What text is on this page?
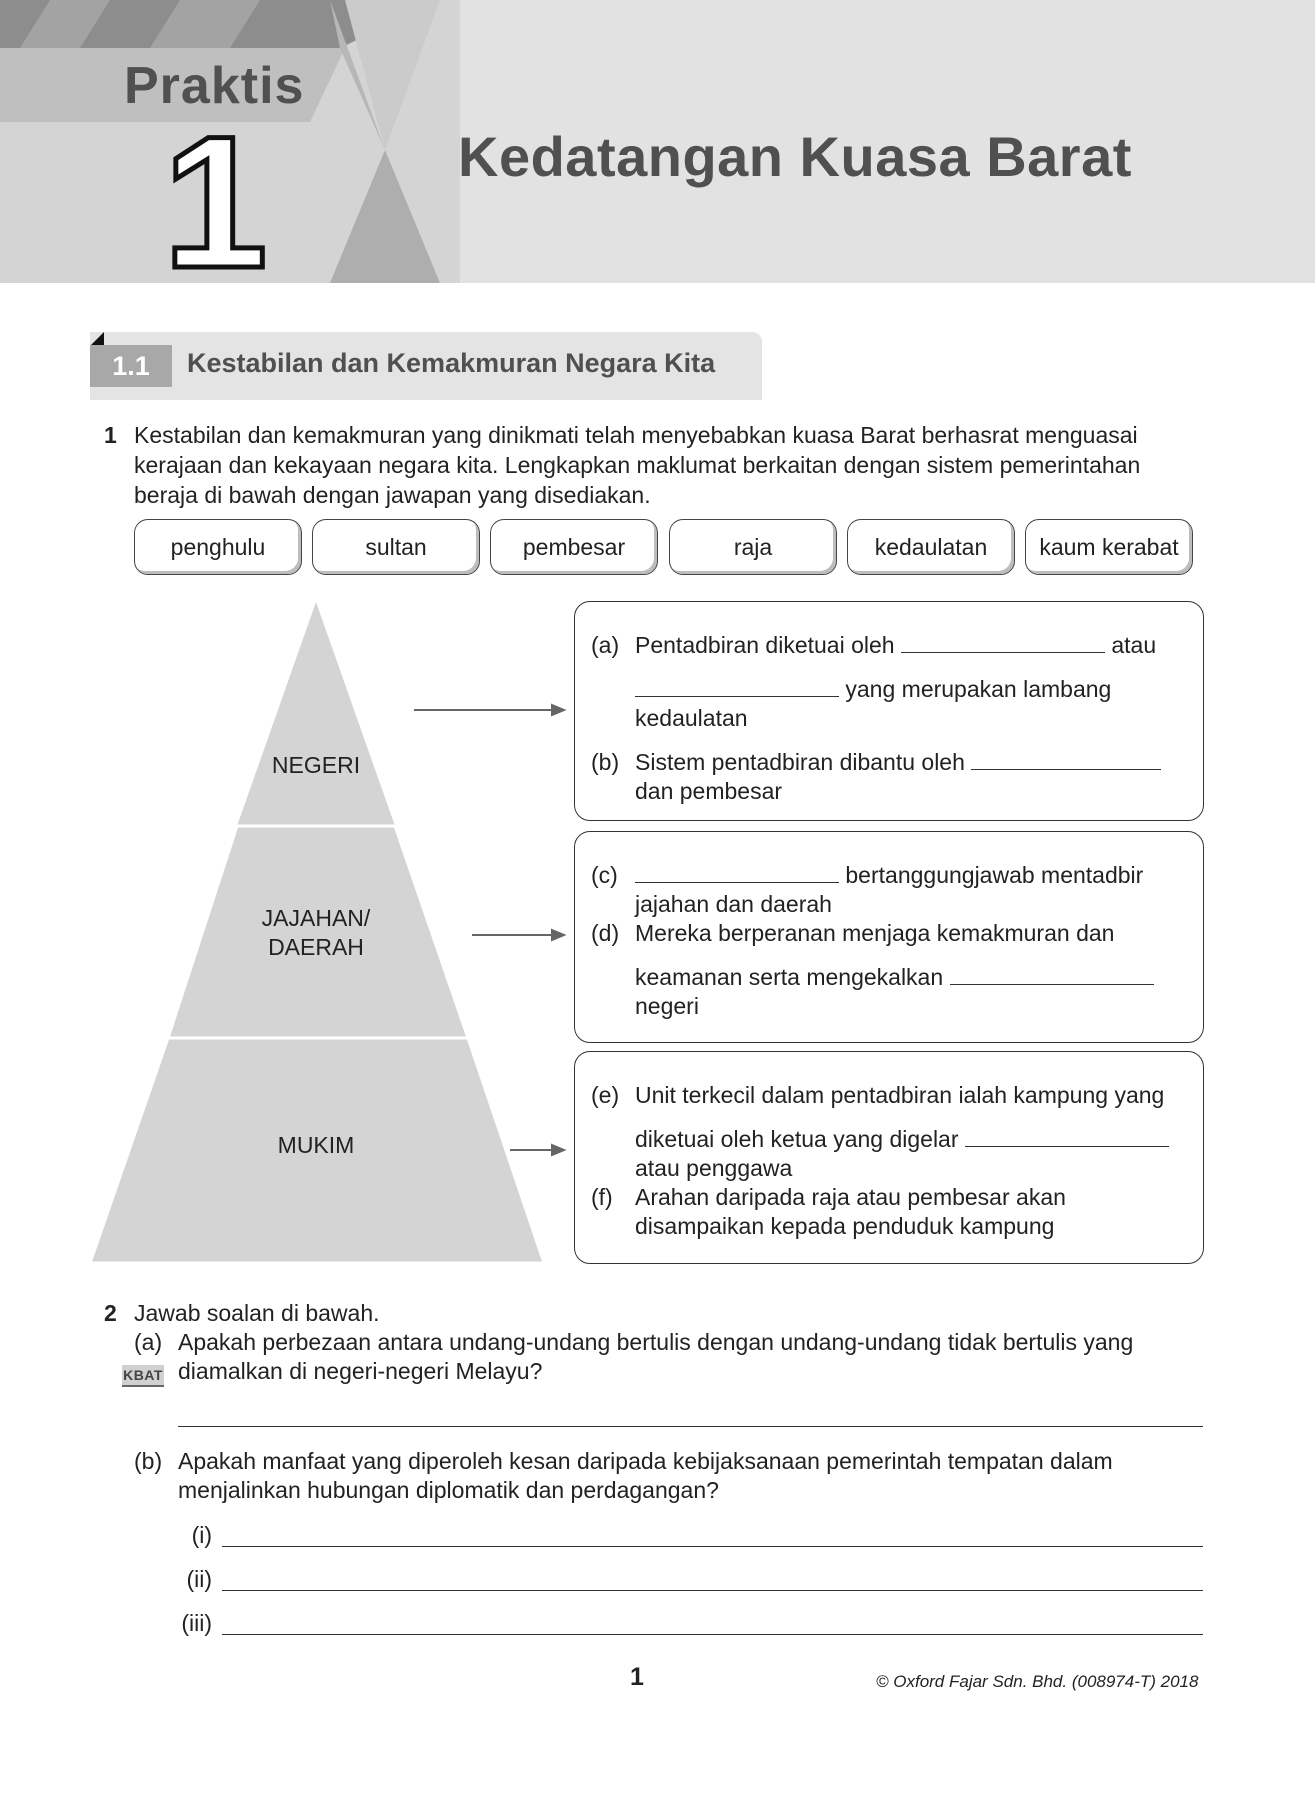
Praktis
1	Kedatangan Kuasa Barat
1.1	Kestabilan dan Kemakmuran Negara Kita
1 Kestabilan dan kemakmuran yang dinikmati telah menyebabkan kuasa Barat berhasrat menguasai
kerajaan dan kekayaan negara kita. Lengkapkan maklumat berkaitan dengan sistem pemerintahan
beraja di bawah dengan jawapan yang disediakan.
penghulu	sultan	pembesar	raja	kedaulatan	kaum kerabat
NEGERI
JAJAHAN/
DAERAH
MUKIM
(a) Pentadbiran diketuai oleh	atau
yang merupakan lambang
kedaulatan
(b) Sistem pentadbiran dibantu oleh
dan pembesar
(c)	bertanggungjawab mentadbir
jajahan dan daerah
(d) Mereka berperanan menjaga kemakmuran dan
keamanan serta mengekalkan
negeri
(e) Unit terkecil dalam pentadbiran ialah kampung yang
diketuai oleh ketua yang digelar
atau penggawa
(f) Arahan daripada raja atau pembesar akan
disampaikan kepada penduduk kampung
2 Jawab soalan di bawah.
(a) Apakah perbezaan antara undang-undang bertulis dengan undang-undang tidak bertulis yang
diamalkan di negeri-negeri Melayu?
KBAT
(b) Apakah manfaat yang diperoleh kesan daripada kebijaksanaan pemerintah tempatan dalam
menjalinkan hubungan diplomatik dan perdagangan?
(i)
(ii)
(iii)
1	© Oxford Fajar Sdn. Bhd. (008974-T) 2018
